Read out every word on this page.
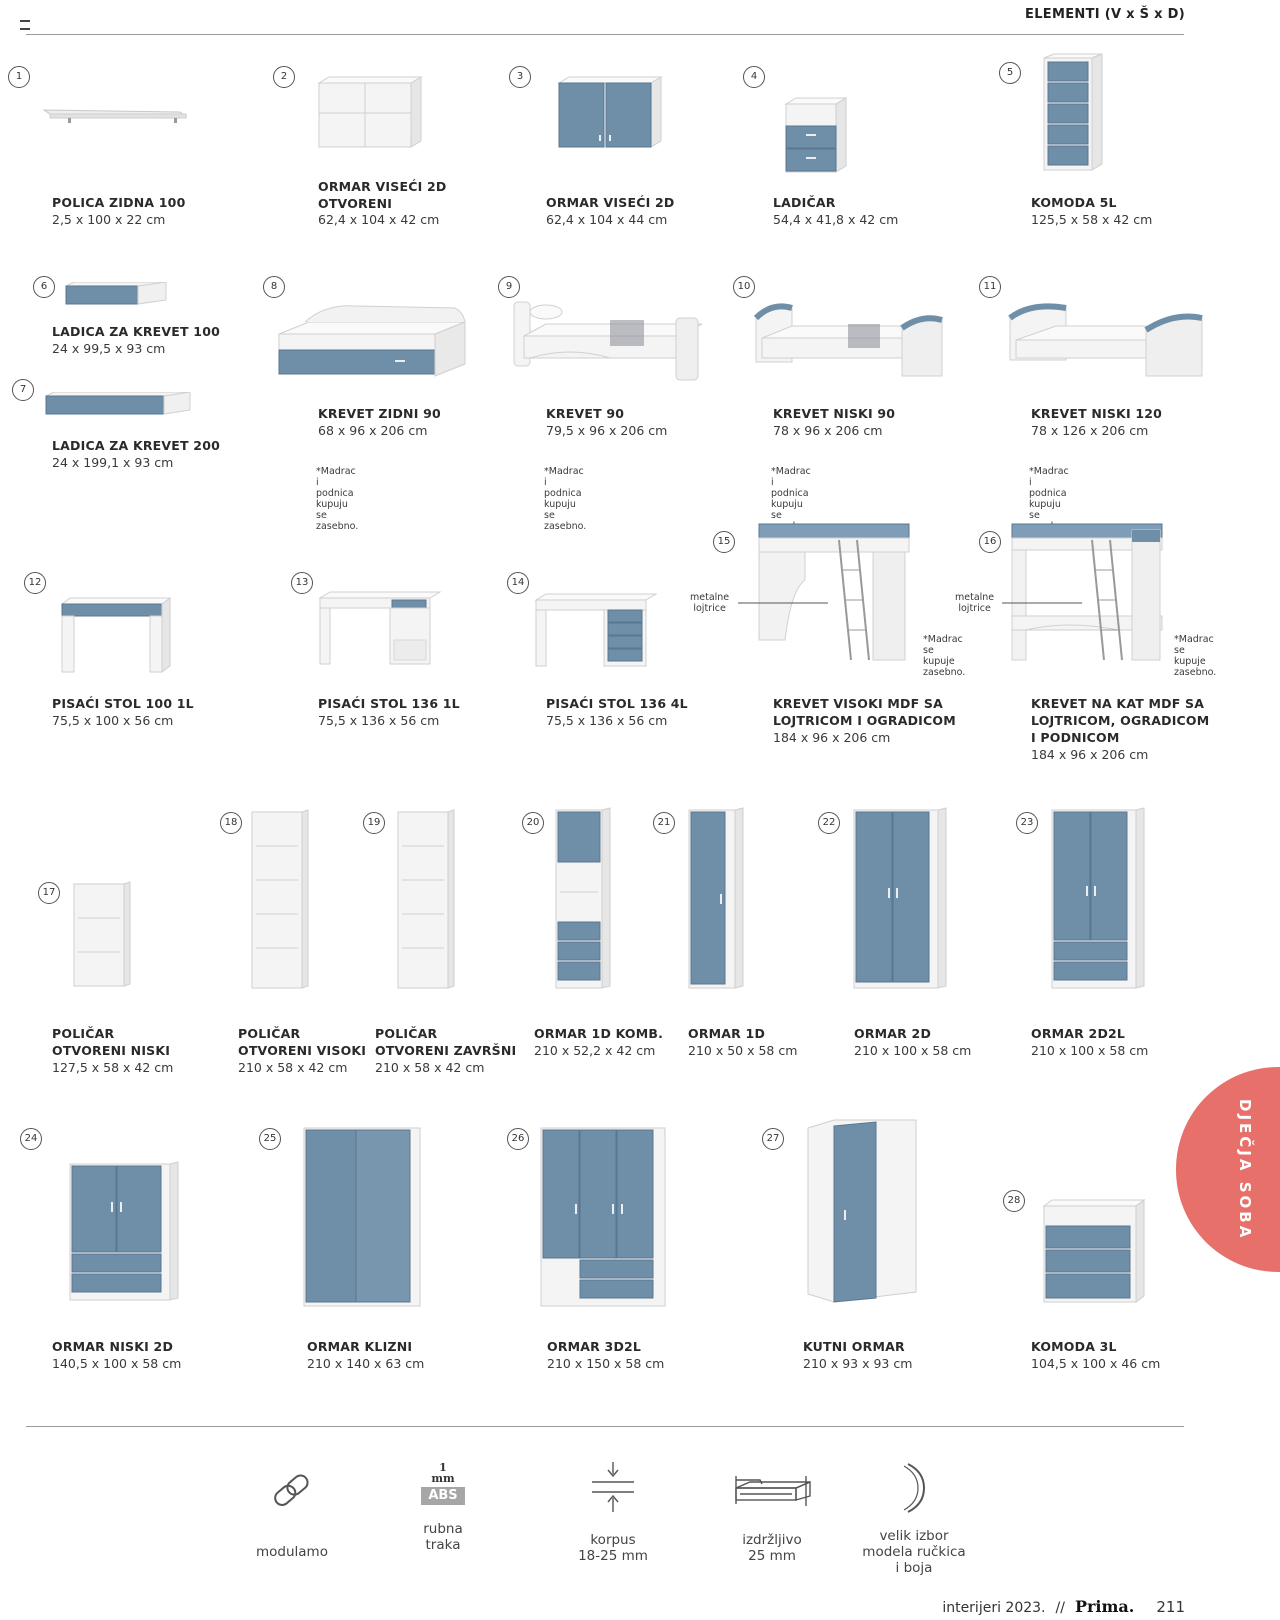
ELEMENTI (V x Š x D)
1
POLICA ZIDNA 100
2,5 x 100 x 22 cm
2
ORMAR VISEĆI 2D
OTVORENI
62,4 x 104 x 42 cm
3
ORMAR VISEĆI 2D
62,4 x 104 x 44 cm
4
LADIČAR
54,4 x 41,8 x 42 cm
5
KOMODA 5L
125,5 x 58 x 42 cm
6
LADICA ZA KREVET 100
24 x 99,5 x 93 cm
7
LADICA ZA KREVET 200
24 x 199,1 x 93 cm
8
KREVET ZIDNI 90
68 x 96 x 206 cm
*Madrac i podnica
kupuju se zasebno.
9
KREVET 90
79,5 x 96 x 206 cm
*Madrac i podnica
kupuju se zasebno.
10
KREVET NISKI 90
78 x 96 x 206 cm
*Madrac i podnica
kupuju se
11
KREVET NISKI 120
78 x 126 x 206 cm
*Madrac i podnica
kupuju se
12
PISAĆI STOL 100 1L
75,5 x 100 x 56 cm
13
PISAĆI STOL 136 1L
75,5 x 136 x 56 cm
14
PISAĆI STOL 136 4L
75,5 x 136 x 56 cm
15
metalne
lojtrice
*Madrac
se kupuje
zasebno.
KREVET VISOKI MDF SA
LOJTRICOM I OGRADICOM
184 x 96 x 206 cm
16
metalne
lojtrice
*Madrac
se kupuje
zasebno.
KREVET NA KAT MDF SA
LOJTRICOM, OGRADICOM
I PODNICOM
184 x 96 x 206 cm
17
POLIČAR
OTVORENI NISKI
127,5 x 58 x 42 cm
18
POLIČAR
OTVORENI VISOKI
210 x 58 x 42 cm
19
POLIČAR
OTVORENI ZAVRŠNI
210 x 58 x 42 cm
20
ORMAR 1D KOMB.
210 x 52,2 x 42 cm
21
ORMAR 1D
210 x 50 x 58 cm
22
ORMAR 2D
210 x 100 x 58 cm
23
ORMAR 2D2L
210 x 100 x 58 cm
24
ORMAR NISKI 2D
140,5 x 100 x 58 cm
25
ORMAR KLIZNI
210 x 140 x 63 cm
26
ORMAR 3D2L
210 x 150 x 58 cm
27
KUTNI ORMAR
210 x 93 x 93 cm
28
KOMODA 3L
104,5 x 100 x 46 cm
DJEČJA SOBA
modulamo
1
mm
ABS
rubna
traka	korpus
18-25 mm
izdržljivo
25 mm
velik izbor
modela ručkica
i boja
interijeri 2023. // Prima. 211
